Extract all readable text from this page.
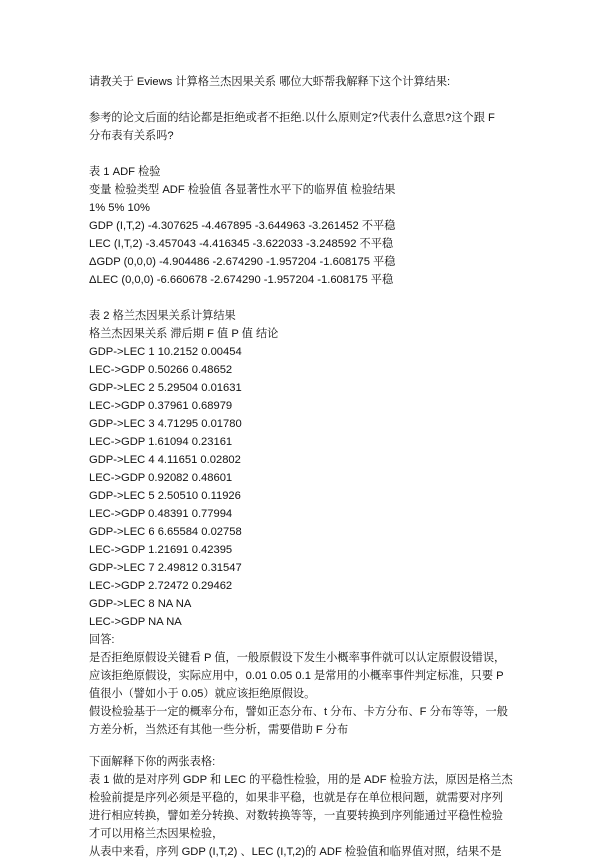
请教关于 Eviews 计算格兰杰因果关系 哪位大虾帮我解释下这个计算结果:
参考的论文后面的结论都是拒绝或者不拒绝.以什么原则定?代表什么意思?这个跟 F
分布表有关系吗?
表 1 ADF 检验
变量 检验类型 ADF 检验值 各显著性水平下的临界值 检验结果
1% 5% 10%
GDP (I,T,2) -4.307625 -4.467895 -3.644963 -3.261452 不平稳
LEC (I,T,2) -3.457043 -4.416345 -3.622033 -3.248592 不平稳
ΔGDP (0,0,0) -4.904486 -2.674290 -1.957204 -1.608175 平稳
ΔLEC (0,0,0) -6.660678 -2.674290 -1.957204 -1.608175 平稳
表 2 格兰杰因果关系计算结果
格兰杰因果关系 滞后期 F 值 P 值 结论
GDP->LEC 1 10.2152 0.00454
LEC->GDP 0.50266 0.48652
GDP->LEC 2 5.29504 0.01631
LEC->GDP 0.37961 0.68979
GDP->LEC 3 4.71295 0.01780
LEC->GDP 1.61094 0.23161
GDP->LEC 4 4.11651 0.02802
LEC->GDP 0.92082 0.48601
GDP->LEC 5 2.50510 0.11926
LEC->GDP 0.48391 0.77994
GDP->LEC 6 6.65584 0.02758
LEC->GDP 1.21691 0.42395
GDP->LEC 7 2.49812 0.31547
LEC->GDP 2.72472 0.29462
GDP->LEC 8 NA NA
LEC->GDP NA NA
回答:
是否拒绝原假设关键看 P 值，一般原假设下发生小概率事件就可以认定原假设错误，
应该拒绝原假设，实际应用中，0.01 0.05 0.1 是常用的小概率事件判定标准，只要 P
值很小（譬如小于 0.05）就应该拒绝原假设。
假设检验基于一定的概率分布，譬如正态分布、t 分布、卡方分布、F 分布等等，一般
方差分析，当然还有其他一些分析，需要借助 F 分布
下面解释下你的两张表格:
表 1 做的是对序列 GDP 和 LEC 的平稳性检验，用的是 ADF 检验方法，原因是格兰杰
检验前提是序列必须是平稳的，如果非平稳，也就是存在单位根问题，就需要对序列
进行相应转换，譬如差分转换、对数转换等等，一直要转换到序列能通过平稳性检验
才可以用格兰杰因果检验，
从表中来看，序列 GDP (I,T,2) 、LEC (I,T,2)的 ADF 检验值和临界值对照，结果不是
